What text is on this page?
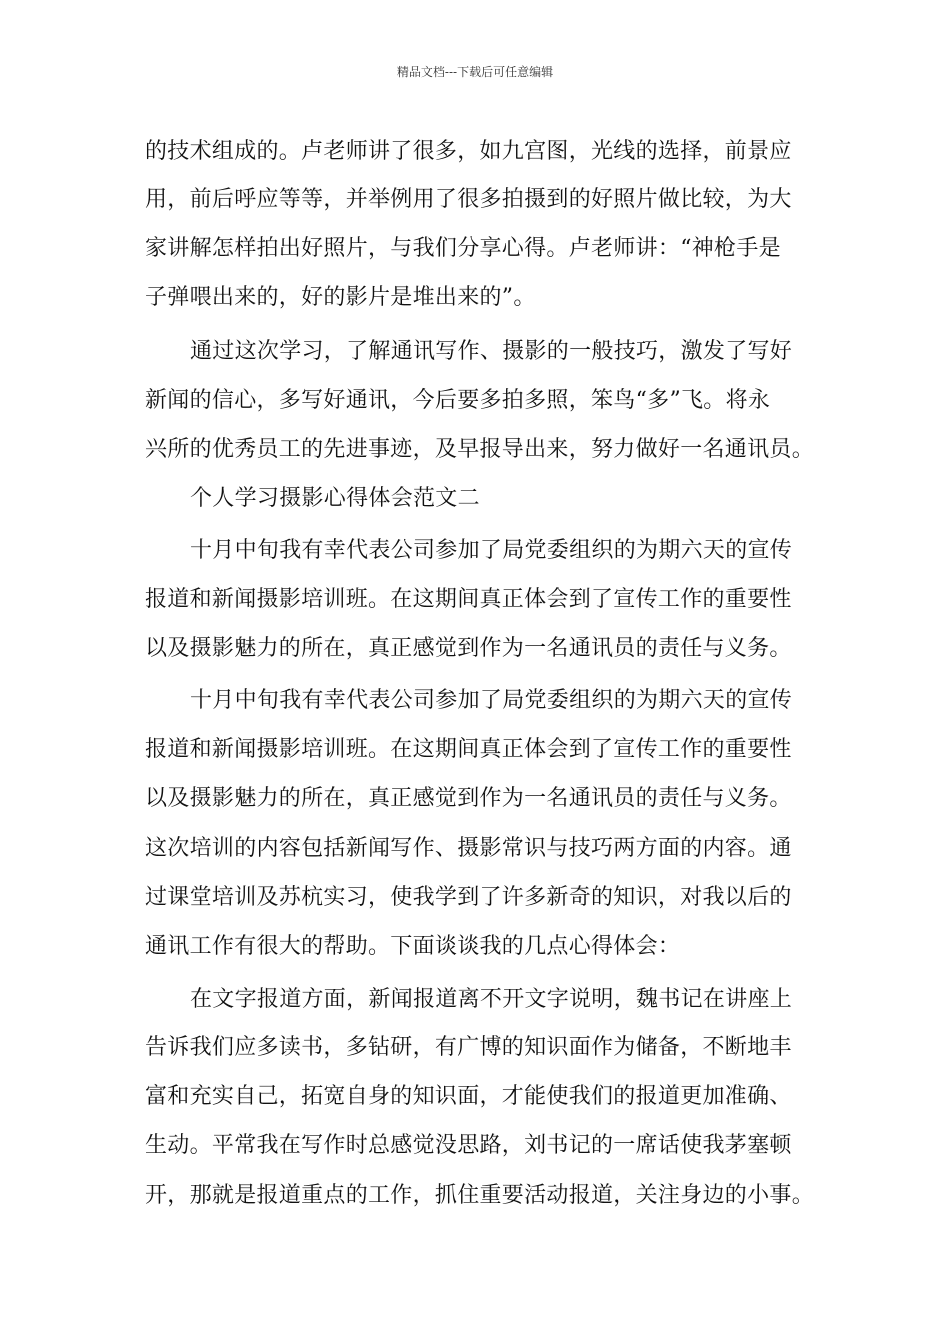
精品文档---下载后可任意编辑
的技术组成的。卢老师讲了很多，如九宫图，光线的选择，前景应
用，前后呼应等等，并举例用了很多拍摄到的好照片做比较，为大
家讲解怎样拍出好照片，与我们分享心得。卢老师讲：“神枪手是
子弹喂出来的，好的影片是堆出来的”。
通过这次学习，了解通讯写作、摄影的一般技巧，激发了写好
新闻的信心，多写好通讯，今后要多拍多照，笨鸟“多”飞。将永
兴所的优秀员工的先进事迹，及早报导出来，努力做好一名通讯员。
个人学习摄影心得体会范文二
十月中旬我有幸代表公司参加了局党委组织的为期六天的宣传
报道和新闻摄影培训班。在这期间真正体会到了宣传工作的重要性
以及摄影魅力的所在，真正感觉到作为一名通讯员的责任与义务。
十月中旬我有幸代表公司参加了局党委组织的为期六天的宣传
报道和新闻摄影培训班。在这期间真正体会到了宣传工作的重要性
以及摄影魅力的所在，真正感觉到作为一名通讯员的责任与义务。
这次培训的内容包括新闻写作、摄影常识与技巧两方面的内容。通
过课堂培训及苏杭实习，使我学到了许多新奇的知识，对我以后的
通讯工作有很大的帮助。下面谈谈我的几点心得体会：
在文字报道方面，新闻报道离不开文字说明，魏书记在讲座上
告诉我们应多读书，多钻研，有广博的知识面作为储备，不断地丰
富和充实自己，拓宽自身的知识面，才能使我们的报道更加准确、
生动。平常我在写作时总感觉没思路，刘书记的一席话使我茅塞顿
开，那就是报道重点的工作，抓住重要活动报道，关注身边的小事。
